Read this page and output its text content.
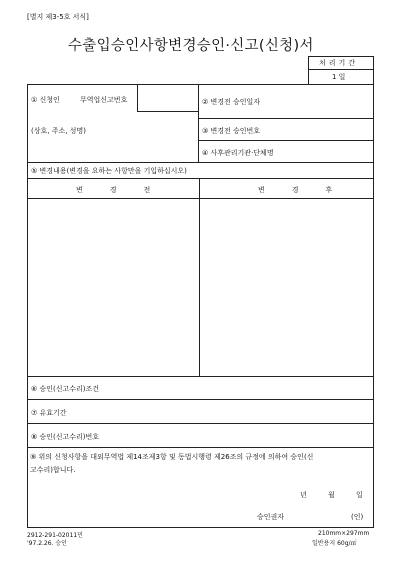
[별지 제3-5호 서식]
수출입승인사항변경승인·신고(신청)서
처리기간
1 일
① 신청인	무역업신고번호
(상호, 주소, 성명)
② 변경전 승인일자
③ 변경전 승인번호
④ 사후관리기관·단체명
⑤ 변경내용(변경을 요하는 사항만을 기입하십시오)
변경전	변경후
⑥ 승인(신고수리)조건
⑦ 유효기간
⑧ 승인(신고수리)번호
⑨ 위의 신청사항을 대외무역법 제14조제3항 및 동법시행령 제26조의 규정에 의하여 승인(신
고수리)합니다.
년	월	일
승인권자	(인)
2912-291-02011민
'97.2.26. 승인
210mm×297mm
일반용지 60g/㎡
